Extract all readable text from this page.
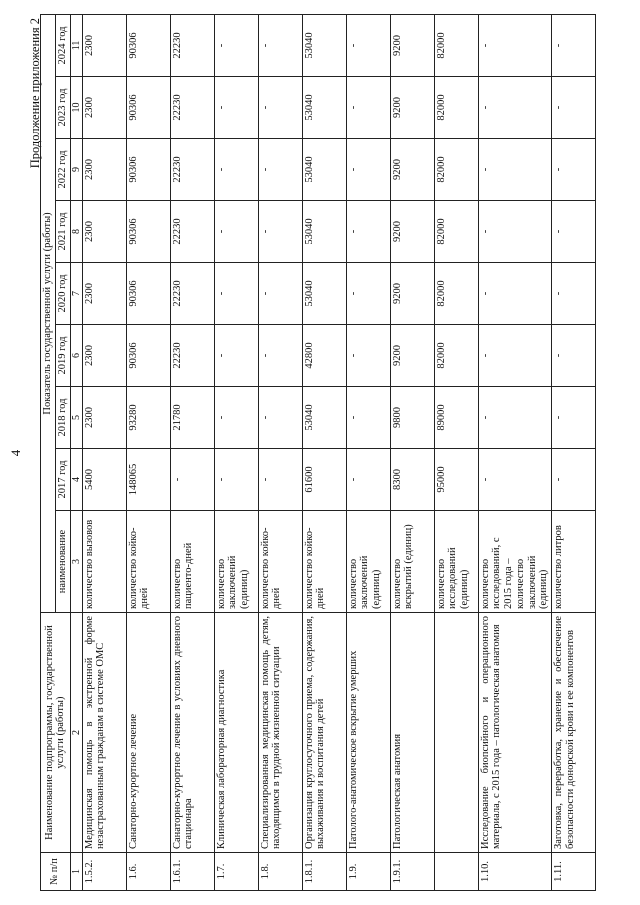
4
Продолжение приложения 2
№ п/п	Наименование подпрограммы, государственной услуги (работы)	Показатель государственной услуги (работы)								
		наименование	2017 год	2018 год	2019 год	2020 год	2021 год	2022 год	2023 год	2024 год
1	2	3	4	5	6	7	8	9	10	11
1.5.2.	Медицинская помощь в экстренной форме незастрахованным гражданам в системе ОМС	количество вызовов	5400	2300	2300	2300	2300	2300	2300	2300
1.6.	Санаторно-курортное лечение	количество койко-дней	148065	93280	90306	90306	90306	90306	90306	90306
1.6.1.	Санаторно-курортное лечение в условиях дневного стационара	количество пациенто-дней	-	21780	22230	22230	22230	22230	22230	22230
1.7.	Клиническая лабораторная диагностика	количество заключений (единиц)	-	-	-	-	-	-	-	-
1.8.	Специализированная медицинская помощь детям, находящимся в трудной жизненной ситуации	количество койко-дней	-	-	-	-	-	-	-	-
1.8.1.	Организация круглосуточного приема, содержания, выхаживания и воспитания детей	количество койко-дней	61600	53040	42800	53040	53040	53040	53040	53040
1.9.	Патолого-анатомическое вскрытие умерших	количество заключений (единиц)	-	-	-	-	-	-	-	-
1.9.1.	Патологическая анатомия	количество вскрытий (единиц)	8300	9800	9200	9200	9200	9200	9200	9200
		количество исследований (единиц)	95000	89000	82000	82000	82000	82000	82000	82000
1.10.	Исследование биопсийного и операционного материала, с 2015 года – патологическая анатомия	количество исследований, с 2015 года – количество заключений (единиц)	-	-	-	-	-	-	-	-
1.11.	Заготовка, переработка, хранение и обеспечение безопасности донорской крови и ее компонентов	количество литров	-	-	-	-	-	-	-	-
